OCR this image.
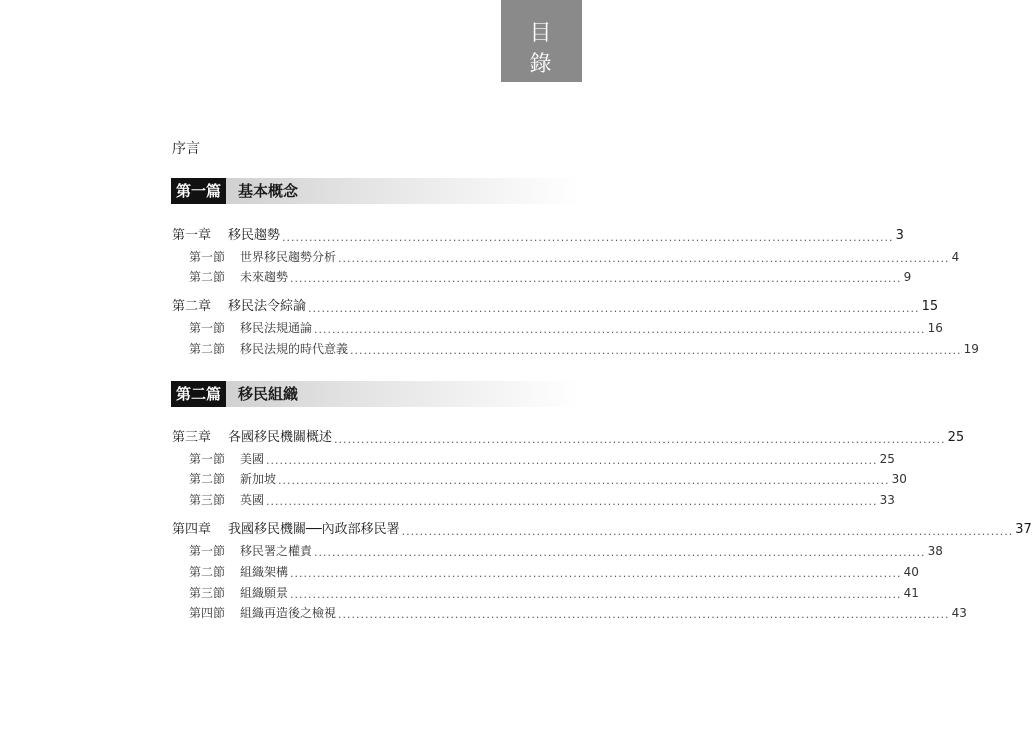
目 錄
序言
第一篇	基本概念
第一章	移民趨勢 ........................................................................................................................................ 3
第一節	世界移民趨勢分析 ........................................................................................................................................ 4
第二節	未來趨勢 ........................................................................................................................................ 9
第二章	移民法令綜論 ........................................................................................................................................ 15
第一節	移民法規通論 ........................................................................................................................................ 16
第二節	移民法規的時代意義 ........................................................................................................................................ 19
第二篇	移民組織
第三章	各國移民機關概述 ........................................................................................................................................ 25
第一節	美國 ........................................................................................................................................ 25
第二節	新加坡 ........................................................................................................................................ 30
第三節	英國 ........................................................................................................................................ 33
第四章	我國移民機關──內政部移民署 ........................................................................................................................................ 37
第一節	移民署之權責 ........................................................................................................................................ 38
第二節	組織架構 ........................................................................................................................................ 40
第三節	組織願景 ........................................................................................................................................ 41
第四節	組織再造後之檢視 ........................................................................................................................................ 43
